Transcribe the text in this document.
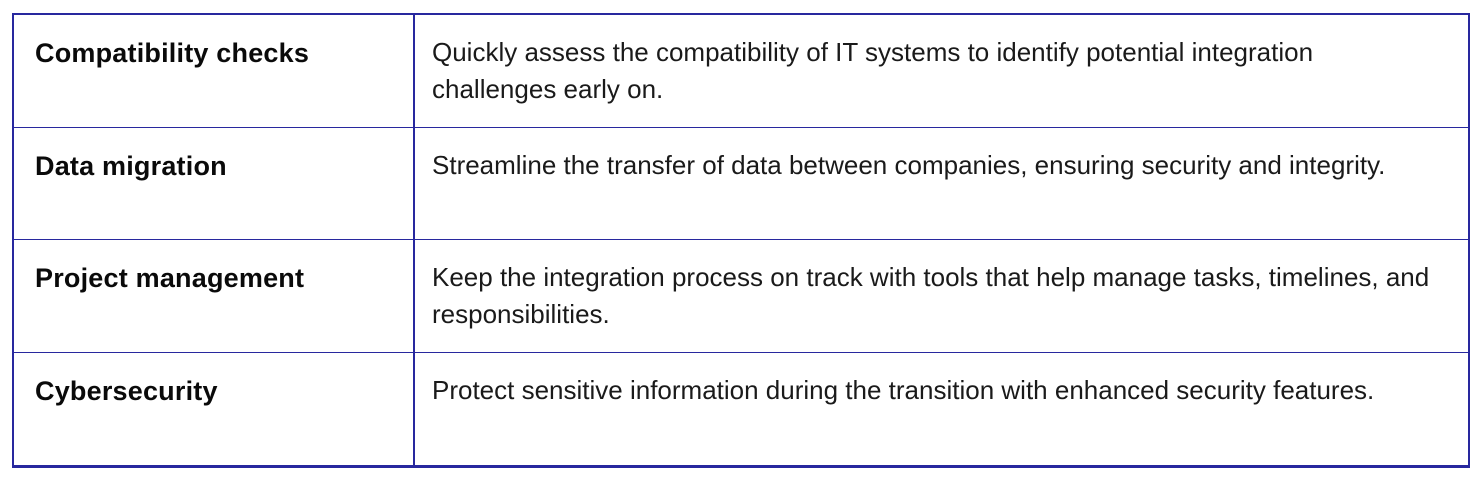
Compatibility checks	Quickly assess the compatibility of IT systems to identify potential integration challenges early on.
Data migration	Streamline the transfer of data between companies, ensuring security and integrity.
Project management	Keep the integration process on track with tools that help manage tasks, timelines, and responsibilities.
Cybersecurity	Protect sensitive information during the transition with enhanced security features.
